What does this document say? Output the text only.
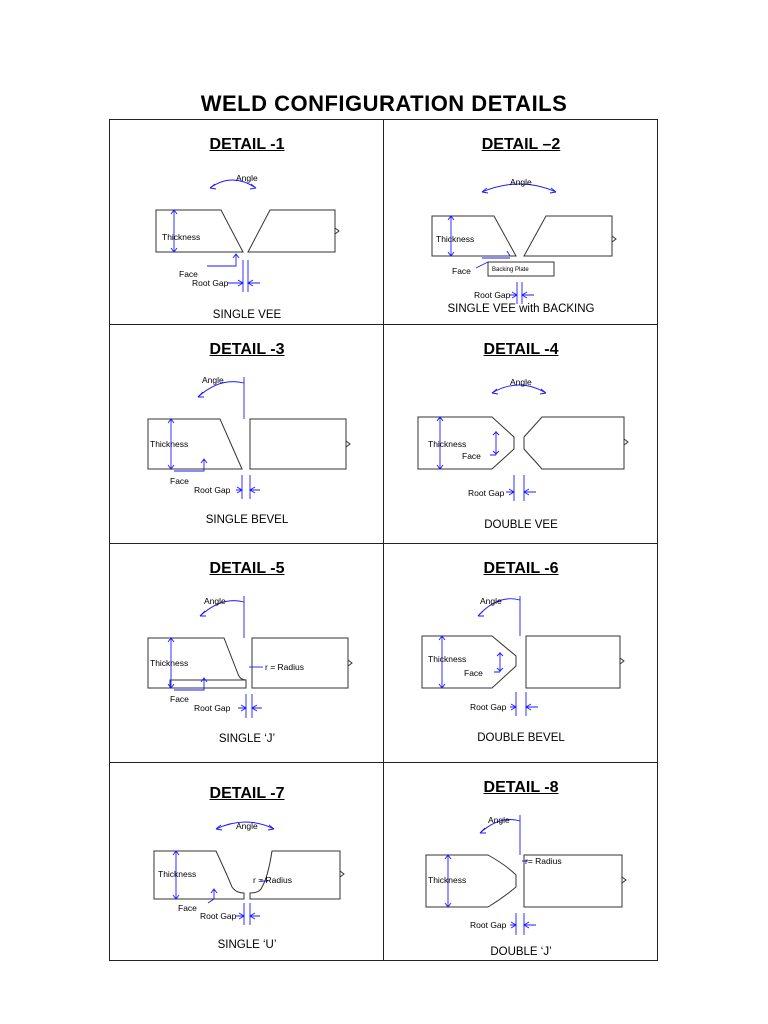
WELD CONFIGURATION DETAILS
DETAIL -1
Angle
Thickness
Face
Root Gap
SINGLE VEE
DETAIL –2
Backing Plate
Angle
Thickness
Face
Root Gap
SINGLE VEE with BACKING
DETAIL -3
Angle
Thickness
Face
Root Gap
SINGLE BEVEL
DETAIL -4
Angle
Thickness
Face
Root Gap
DOUBLE VEE
DETAIL -5
Angle
Thickness	r = Radius
Face
Root Gap
SINGLE ‘J’
DETAIL -6
Angle
Thickness
Face
Root Gap
DOUBLE BEVEL
DETAIL -7
Angle
Thickness
r = Radius
Face
Root Gap
SINGLE ‘U’
DETAIL -8
Angle
Thickness
r= Radius
Root Gap
DOUBLE ‘J’
